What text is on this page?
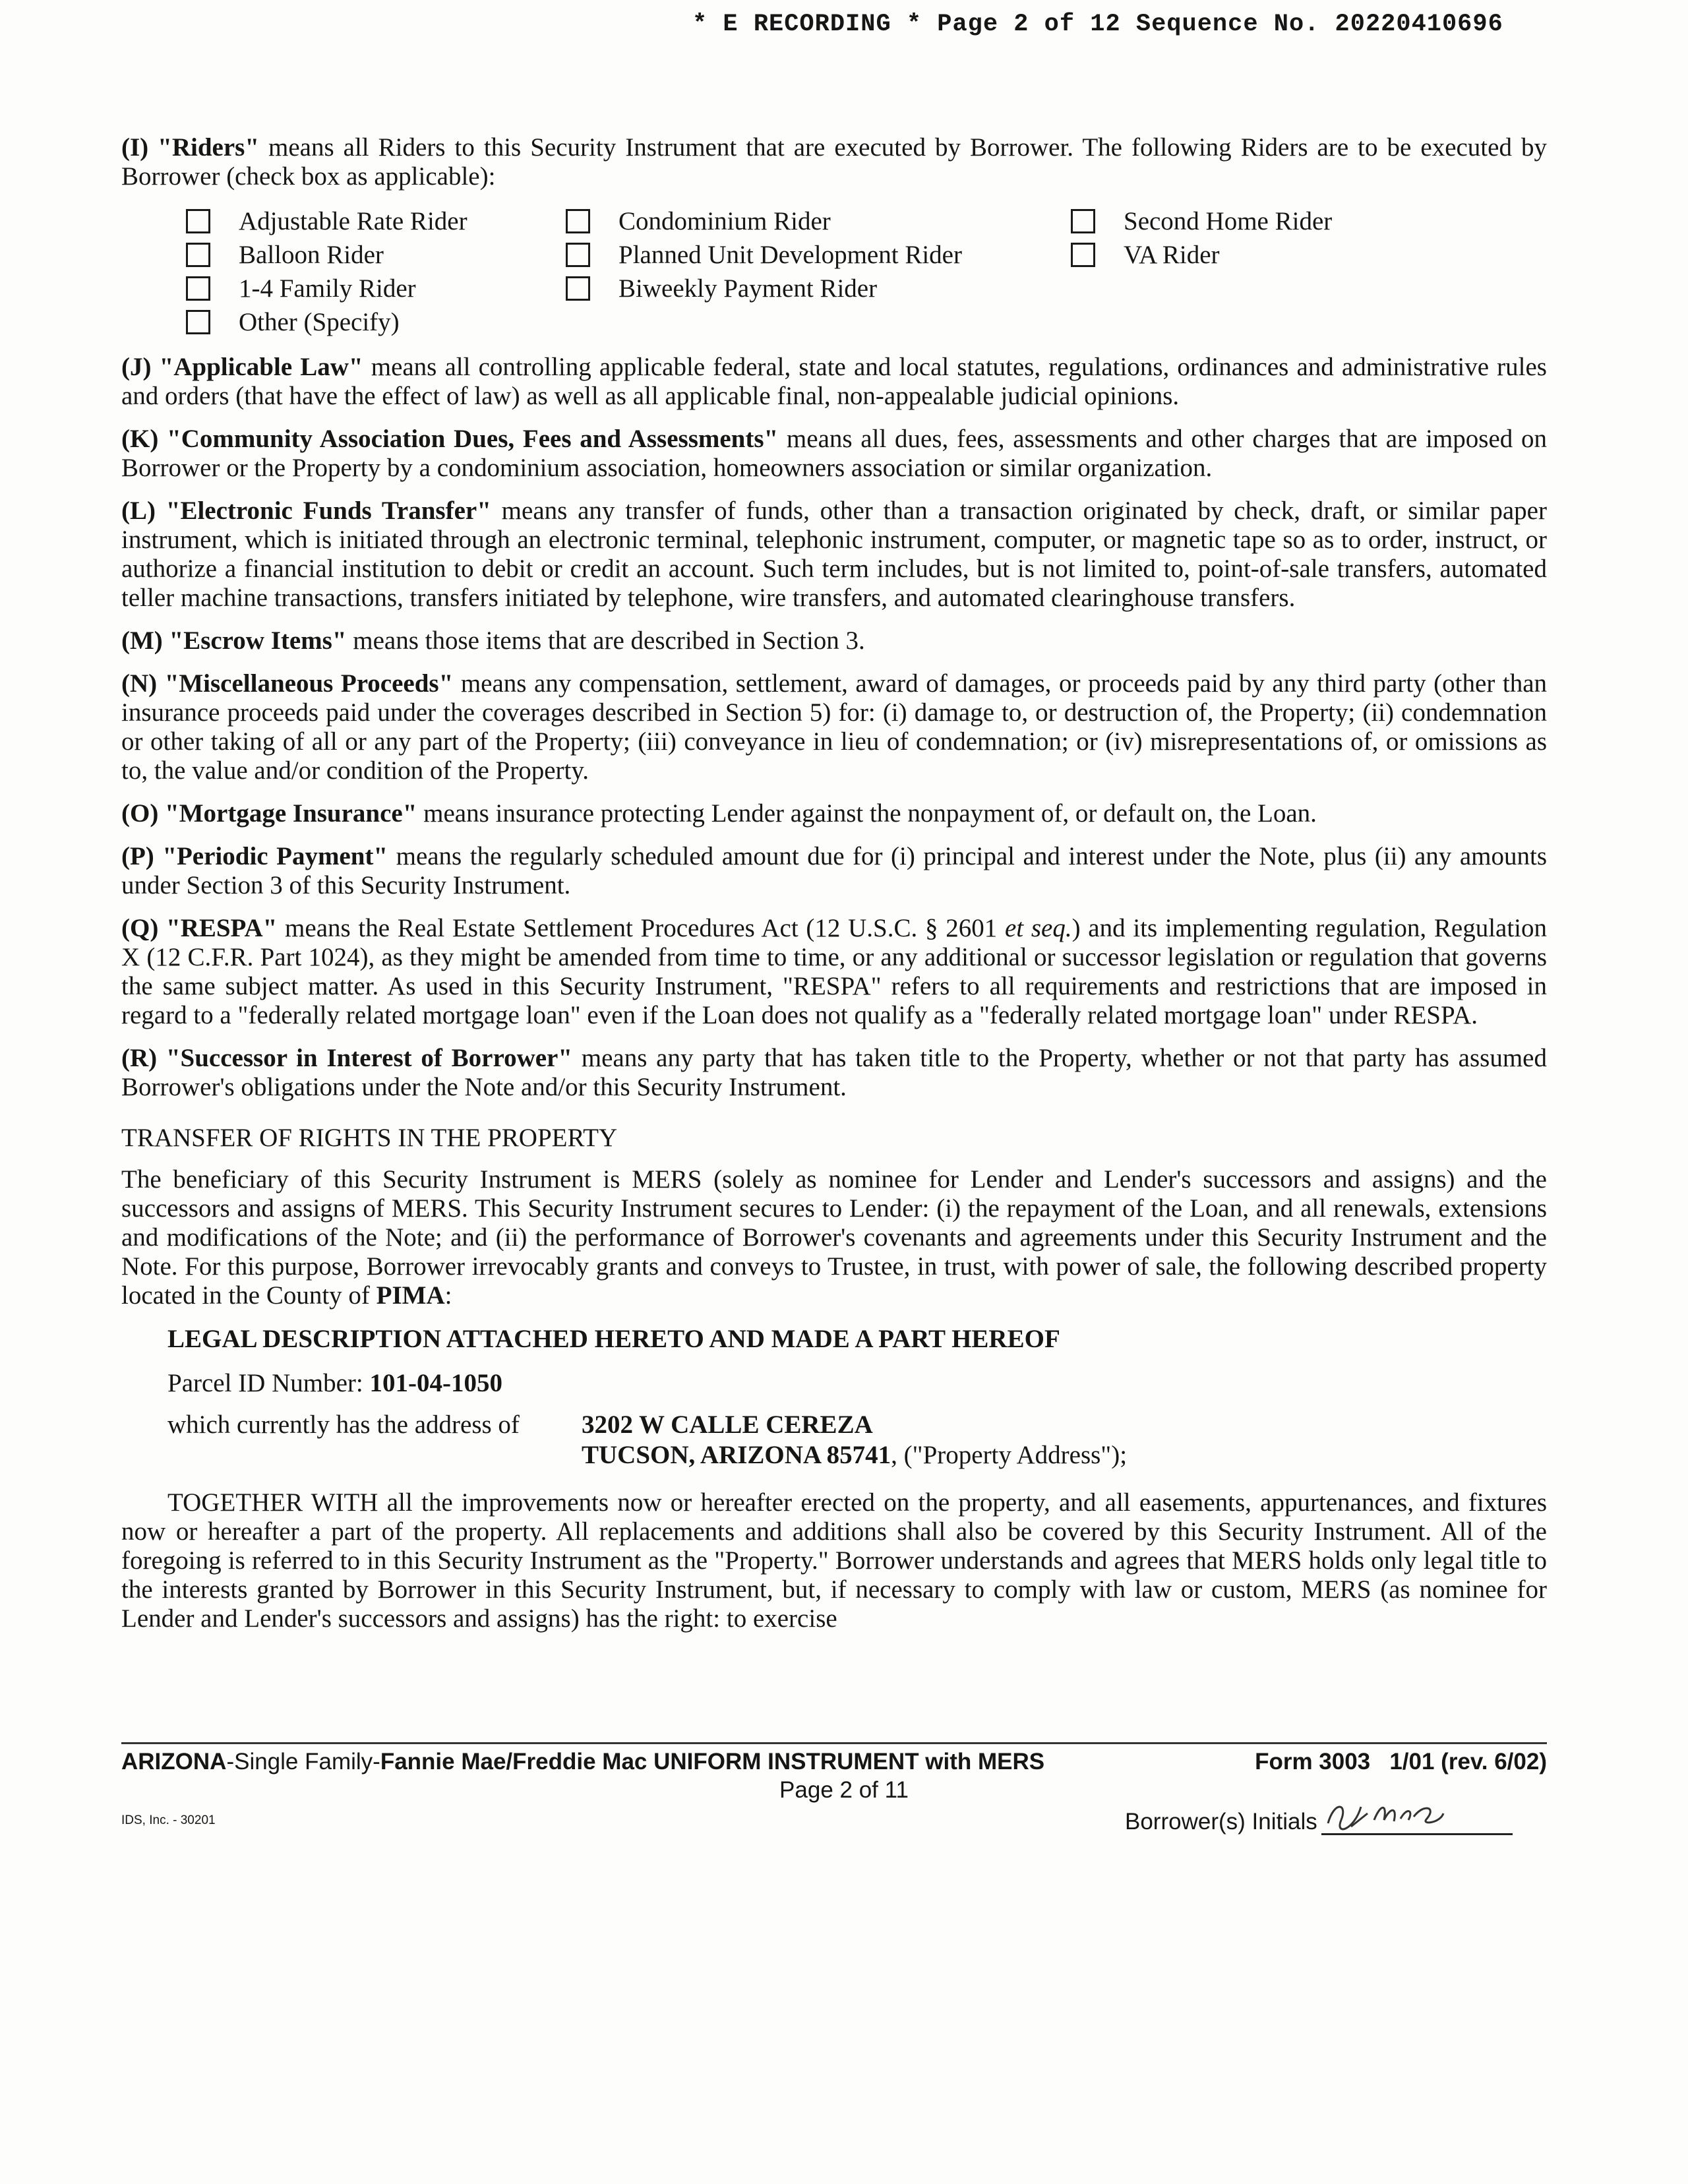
* E RECORDING * Page 2 of 12 Sequence No. 20220410696

(I) "Riders" means all Riders to this Security Instrument that are executed by Borrower. The following Riders are to be executed by Borrower (check box as applicable):

Adjustable Rate Rider	Condominium Rider	Second Home Rider
Balloon Rider	Planned Unit Development Rider	VA Rider
1-4 Family Rider	Biweekly Payment Rider
Other (Specify)

(J) "Applicable Law" means all controlling applicable federal, state and local statutes, regulations, ordinances and administrative rules and orders (that have the effect of law) as well as all applicable final, non-appealable judicial opinions.

(K) "Community Association Dues, Fees and Assessments" means all dues, fees, assessments and other charges that are imposed on Borrower or the Property by a condominium association, homeowners association or similar organization.

(L) "Electronic Funds Transfer" means any transfer of funds, other than a transaction originated by check, draft, or similar paper instrument, which is initiated through an electronic terminal, telephonic instrument, computer, or magnetic tape so as to order, instruct, or authorize a financial institution to debit or credit an account. Such term includes, but is not limited to, point-of-sale transfers, automated teller machine transactions, transfers initiated by telephone, wire transfers, and automated clearinghouse transfers.

(M) "Escrow Items" means those items that are described in Section 3.

(N) "Miscellaneous Proceeds" means any compensation, settlement, award of damages, or proceeds paid by any third party (other than insurance proceeds paid under the coverages described in Section 5) for: (i) damage to, or destruction of, the Property; (ii) condemnation or other taking of all or any part of the Property; (iii) conveyance in lieu of condemnation; or (iv) misrepresentations of, or omissions as to, the value and/or condition of the Property.

(O) "Mortgage Insurance" means insurance protecting Lender against the nonpayment of, or default on, the Loan.

(P) "Periodic Payment" means the regularly scheduled amount due for (i) principal and interest under the Note, plus (ii) any amounts under Section 3 of this Security Instrument.

(Q) "RESPA" means the Real Estate Settlement Procedures Act (12 U.S.C. § 2601 et seq.) and its implementing regulation, Regulation X (12 C.F.R. Part 1024), as they might be amended from time to time, or any additional or successor legislation or regulation that governs the same subject matter. As used in this Security Instrument, "RESPA" refers to all requirements and restrictions that are imposed in regard to a "federally related mortgage loan" even if the Loan does not qualify as a "federally related mortgage loan" under RESPA.

(R) "Successor in Interest of Borrower" means any party that has taken title to the Property, whether or not that party has assumed Borrower's obligations under the Note and/or this Security Instrument.

TRANSFER OF RIGHTS IN THE PROPERTY

The beneficiary of this Security Instrument is MERS (solely as nominee for Lender and Lender's successors and assigns) and the successors and assigns of MERS. This Security Instrument secures to Lender: (i) the repayment of the Loan, and all renewals, extensions and modifications of the Note; and (ii) the performance of Borrower's covenants and agreements under this Security Instrument and the Note. For this purpose, Borrower irrevocably grants and conveys to Trustee, in trust, with power of sale, the following described property located in the County of PIMA:

LEGAL DESCRIPTION ATTACHED HERETO AND MADE A PART HEREOF
Parcel ID Number: 101-04-1050
which currently has the address of	3202 W CALLE CEREZA
TUCSON, ARIZONA 85741, ("Property Address");

TOGETHER WITH all the improvements now or hereafter erected on the property, and all easements, appurtenances, and fixtures now or hereafter a part of the property. All replacements and additions shall also be covered by this Security Instrument. All of the foregoing is referred to in this Security Instrument as the "Property." Borrower understands and agrees that MERS holds only legal title to the interests granted by Borrower in this Security Instrument, but, if necessary to comply with law or custom, MERS (as nominee for Lender and Lender's successors and assigns) has the right: to exercise

ARIZONA-Single Family-Fannie Mae/Freddie Mac UNIFORM INSTRUMENT with MERS	Form 3003   1/01 (rev. 6/02)
Page 2 of 11
IDS, Inc. - 30201	Borrower(s) Initials
